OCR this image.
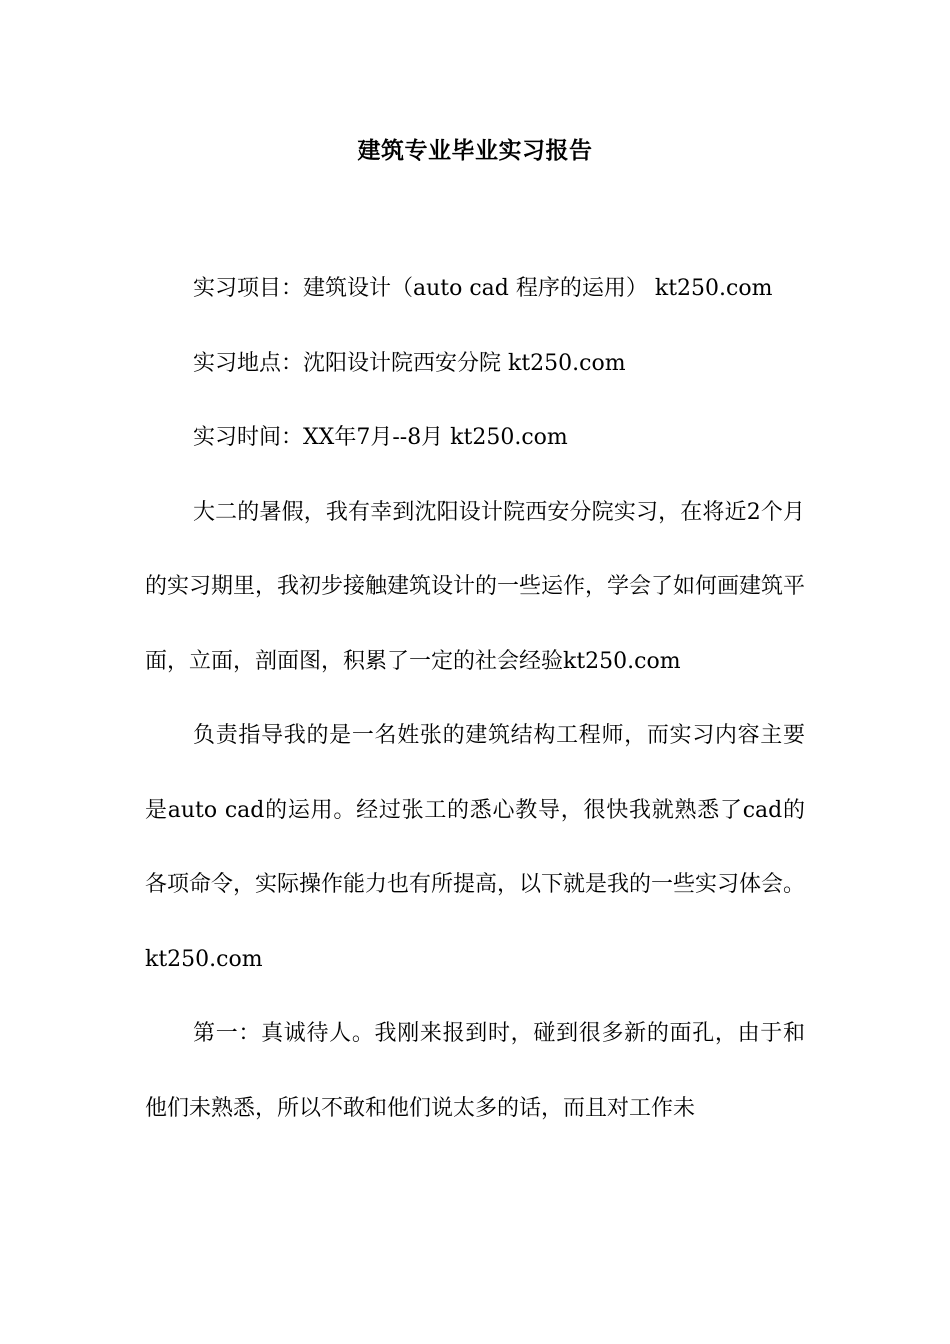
建筑专业毕业实习报告

实习项目：建筑设计（auto cad 程序的运用） kt250.com

实习地点：沈阳设计院西安分院 kt250.com

实习时间：XX年7月--8月 kt250.com

大二的暑假，我有幸到沈阳设计院西安分院实习，在将近2个月的实习期里，我初步接触建筑设计的一些运作，学会了如何画建筑平面，立面，剖面图，积累了一定的社会经验kt250.com

负责指导我的是一名姓张的建筑结构工程师，而实习内容主要是auto cad的运用。经过张工的悉心教导，很快我就熟悉了cad的各项命令，实际操作能力也有所提高，以下就是我的一些实习体会。kt250.com

第一：真诚待人。我刚来报到时，碰到很多新的面孔，由于和他们未熟悉，所以不敢和他们说太多的话，而且对工作未
